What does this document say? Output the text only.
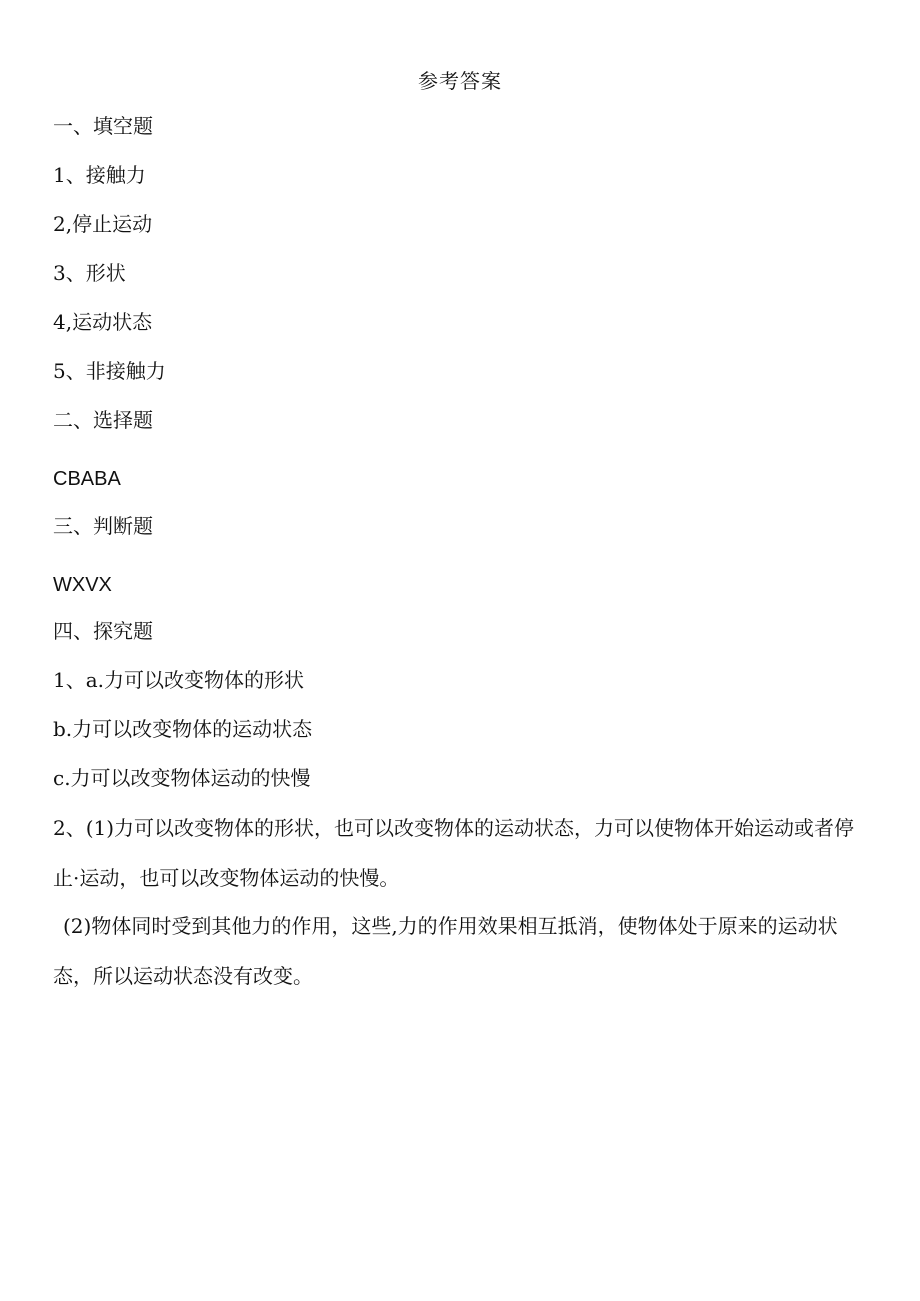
参考答案
一、填空题
1、接触力
2,停止运动
3、形状
4,运动状态
5、非接触力
二、选择题
CBABA
三、判断题
WXVX
四、探究题
1、a.力可以改变物体的形状
b.力可以改变物体的运动状态
c.力可以改变物体运动的快慢
2、(1)力可以改变物体的形状，也可以改变物体的运动状态，力可以使物体开始运动或者停止·运动，也可以改变物体运动的快慢。
(2)物体同时受到其他力的作用，这些,力的作用效果相互抵消，使物体处于原来的运动状态，所以运动状态没有改变。
